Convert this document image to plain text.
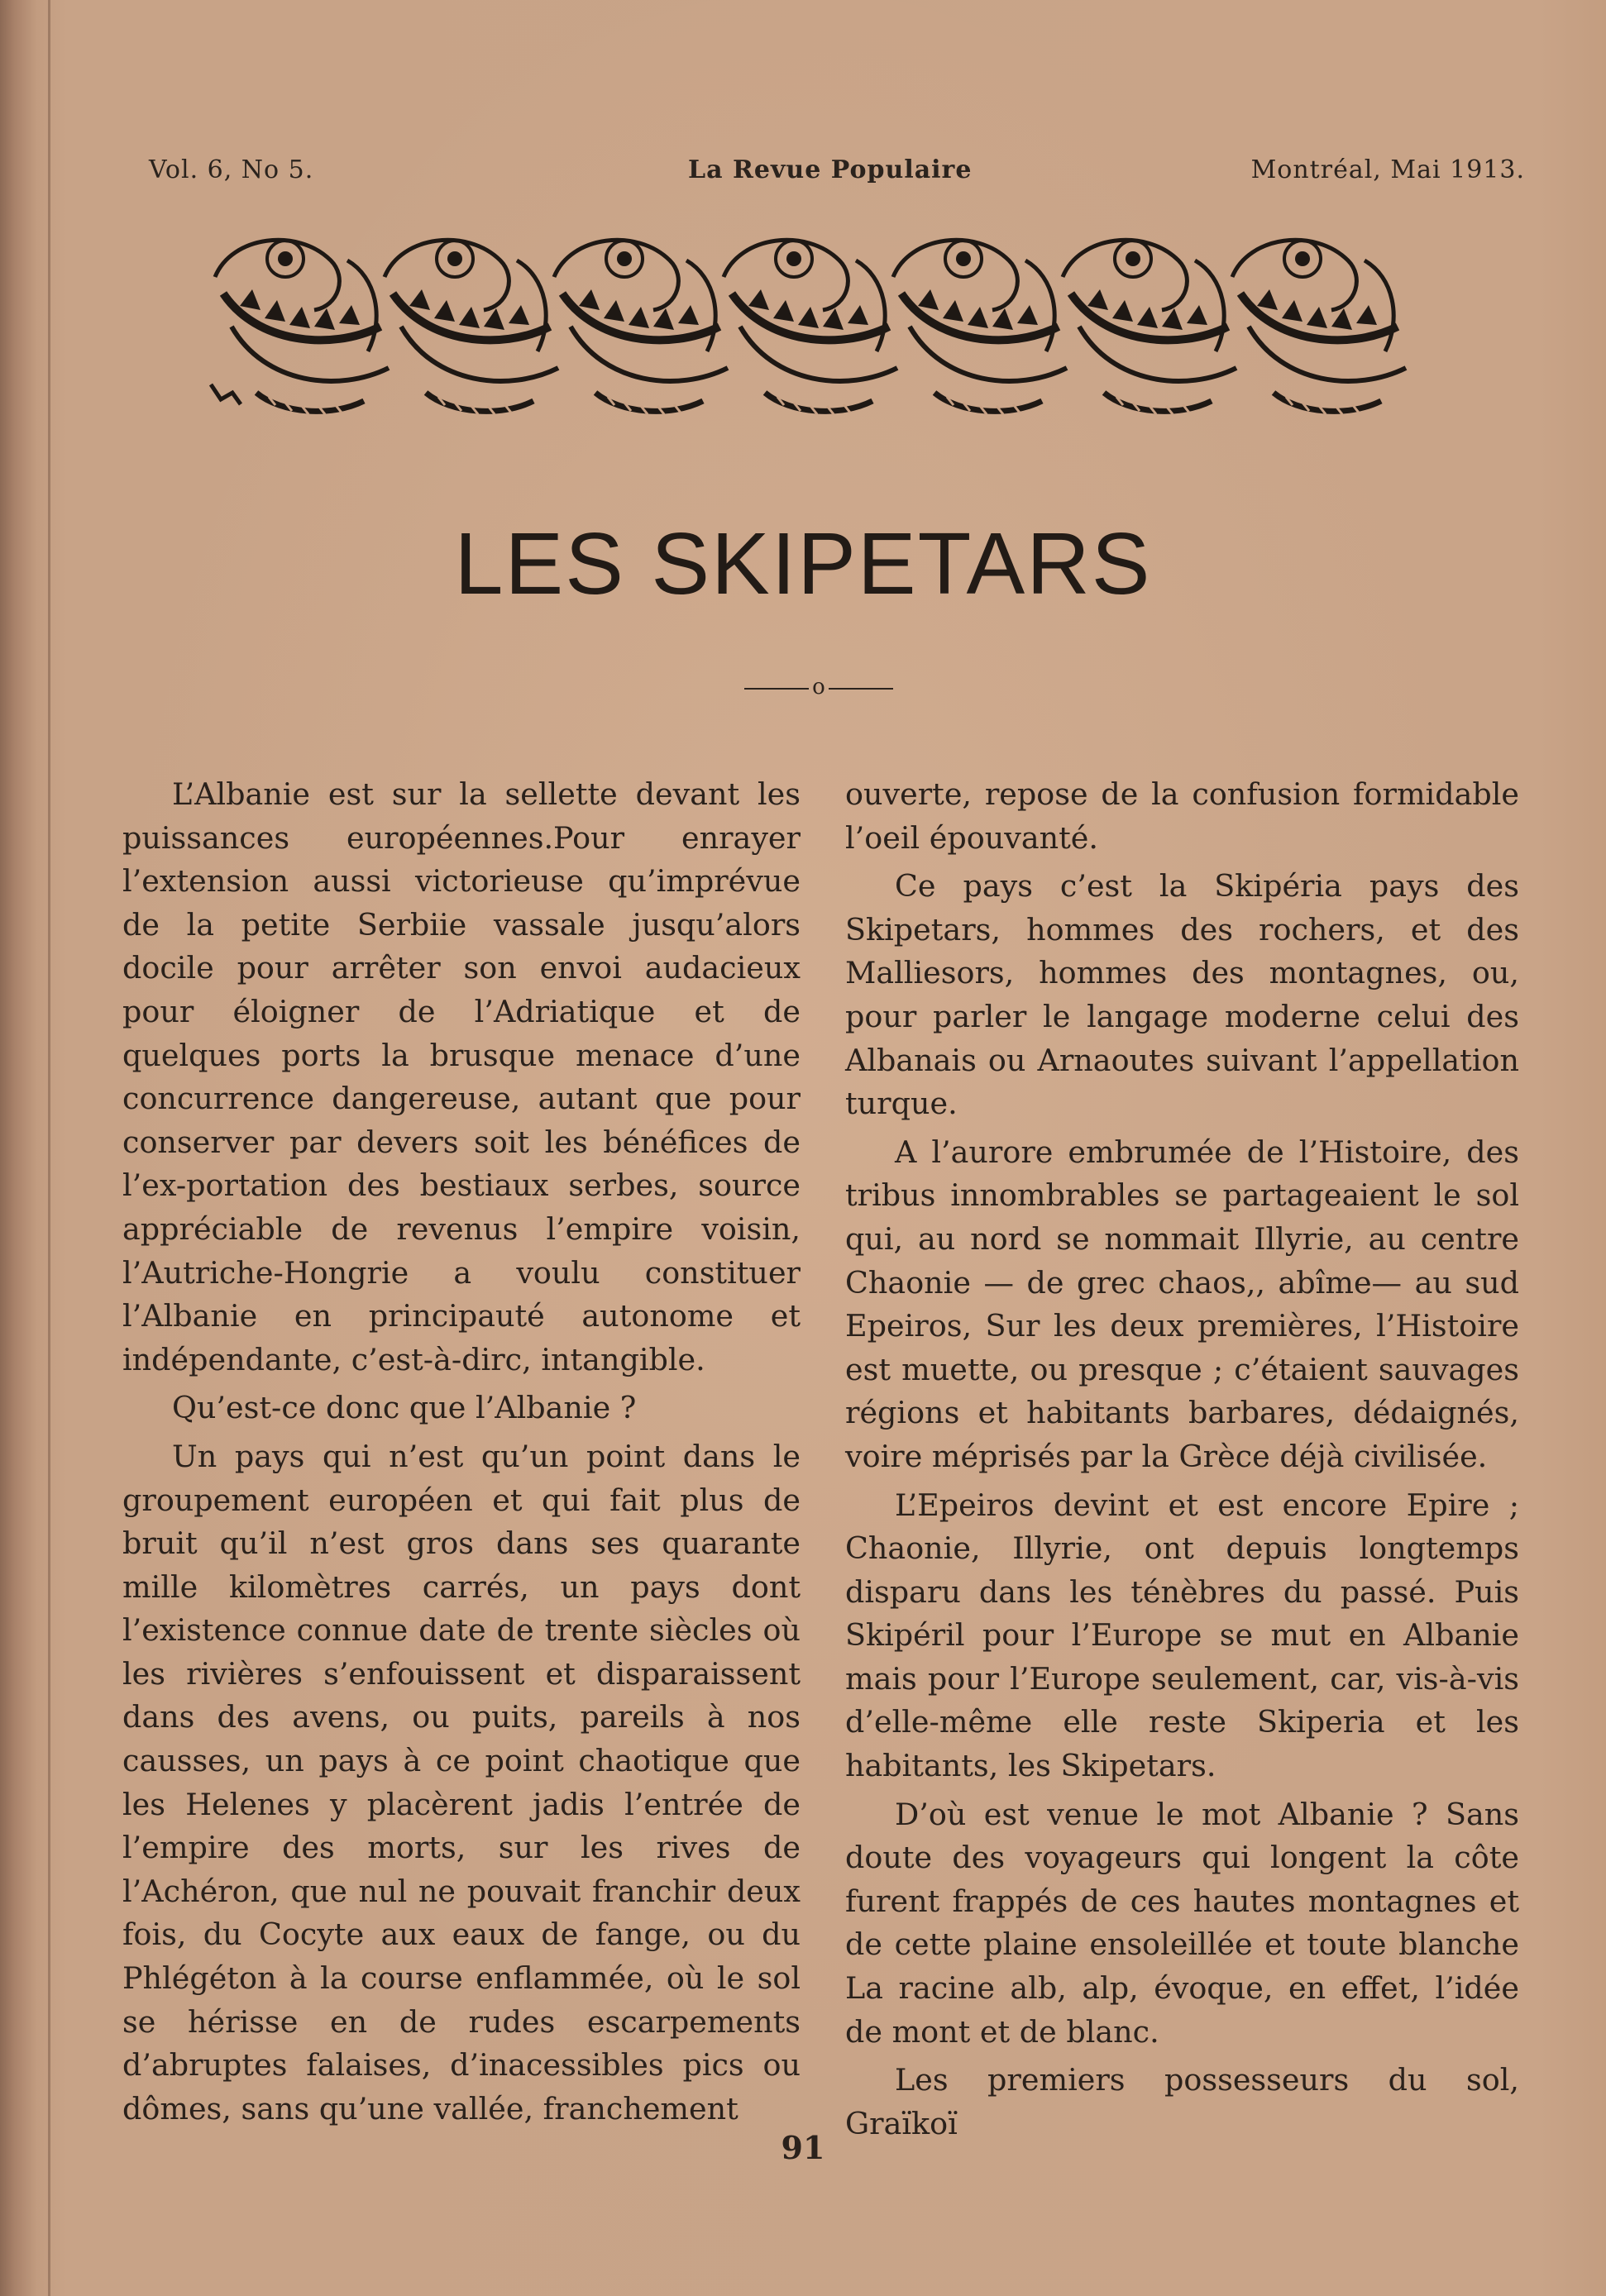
Vol. 6, No 5.	La Revue Populaire	Montréal, Mai 1913.
LES SKIPETARS
o

L’Albanie est sur la sellette devant les puissances européennes.Pour enrayer l’extension aussi victorieuse qu’imprévue de la petite Serbiie vassale jusqu’alors docile pour arrêter son envoi audacieux pour éloigner de l’Adriatique et de quelques ports la brusque menace d’une concurrence dangereuse, autant que pour conserver par devers soit les bénéfices de l’ex-portation des bestiaux serbes, source appréciable de revenus l’empire voisin, l’Autriche-Hongrie a voulu constituer l’Albanie en principauté autonome et indépendante, c’est-à-dirc, intangible.

Qu’est-ce donc que l’Albanie ?

Un pays qui n’est qu’un point dans le groupement européen et qui fait plus de bruit qu’il n’est gros dans ses quarante mille kilomètres carrés, un pays dont l’existence connue date de trente siècles où les rivières s’enfouissent et disparaissent dans des avens, ou puits, pareils à nos causses, un pays à ce point chaotique que les Helenes y placèrent jadis l’entrée de l’empire des morts, sur les rives de l’Achéron, que nul ne pouvait franchir deux fois, du Cocyte aux eaux de fange, ou du Phlégéton à la course enflammée, où le sol se hérisse en de rudes escarpements d’abruptes falaises, d’inacessibles pics ou dômes, sans qu’une vallée, franchement

ouverte, repose de la confusion formidable l’oeil épouvanté.

Ce pays c’est la Skipéria pays des Skipetars, hommes des rochers, et des Malliesors, hommes des montagnes, ou, pour parler le langage moderne celui des Albanais ou Arnaoutes suivant l’appellation turque.

A l’aurore embrumée de l’Histoire, des tribus innombrables se partageaient le sol qui, au nord se nommait Illyrie, au centre Chaonie — de grec chaos,, abîme— au sud Epeiros, Sur les deux premières, l’Histoire est muette, ou presque ; c’étaient sauvages régions et habitants barbares, dédaignés, voire méprisés par la Grèce déjà civilisée.

L’Epeiros devint et est encore Epire ; Chaonie, Illyrie, ont depuis longtemps disparu dans les ténèbres du passé. Puis Skipéril pour l’Europe se mut en Albanie mais pour l’Europe seulement, car, vis-à-vis d’elle-même elle reste Skiperia et les habitants, les Skipetars.

D’où est venue le mot Albanie ? Sans doute des voyageurs qui longent la côte furent frappés de ces hautes montagnes et de cette plaine ensoleillée et toute blanche La racine alb, alp, évoque, en effet, l’idée de mont et de blanc.

Les premiers possesseurs du sol, Graïkoï

91
